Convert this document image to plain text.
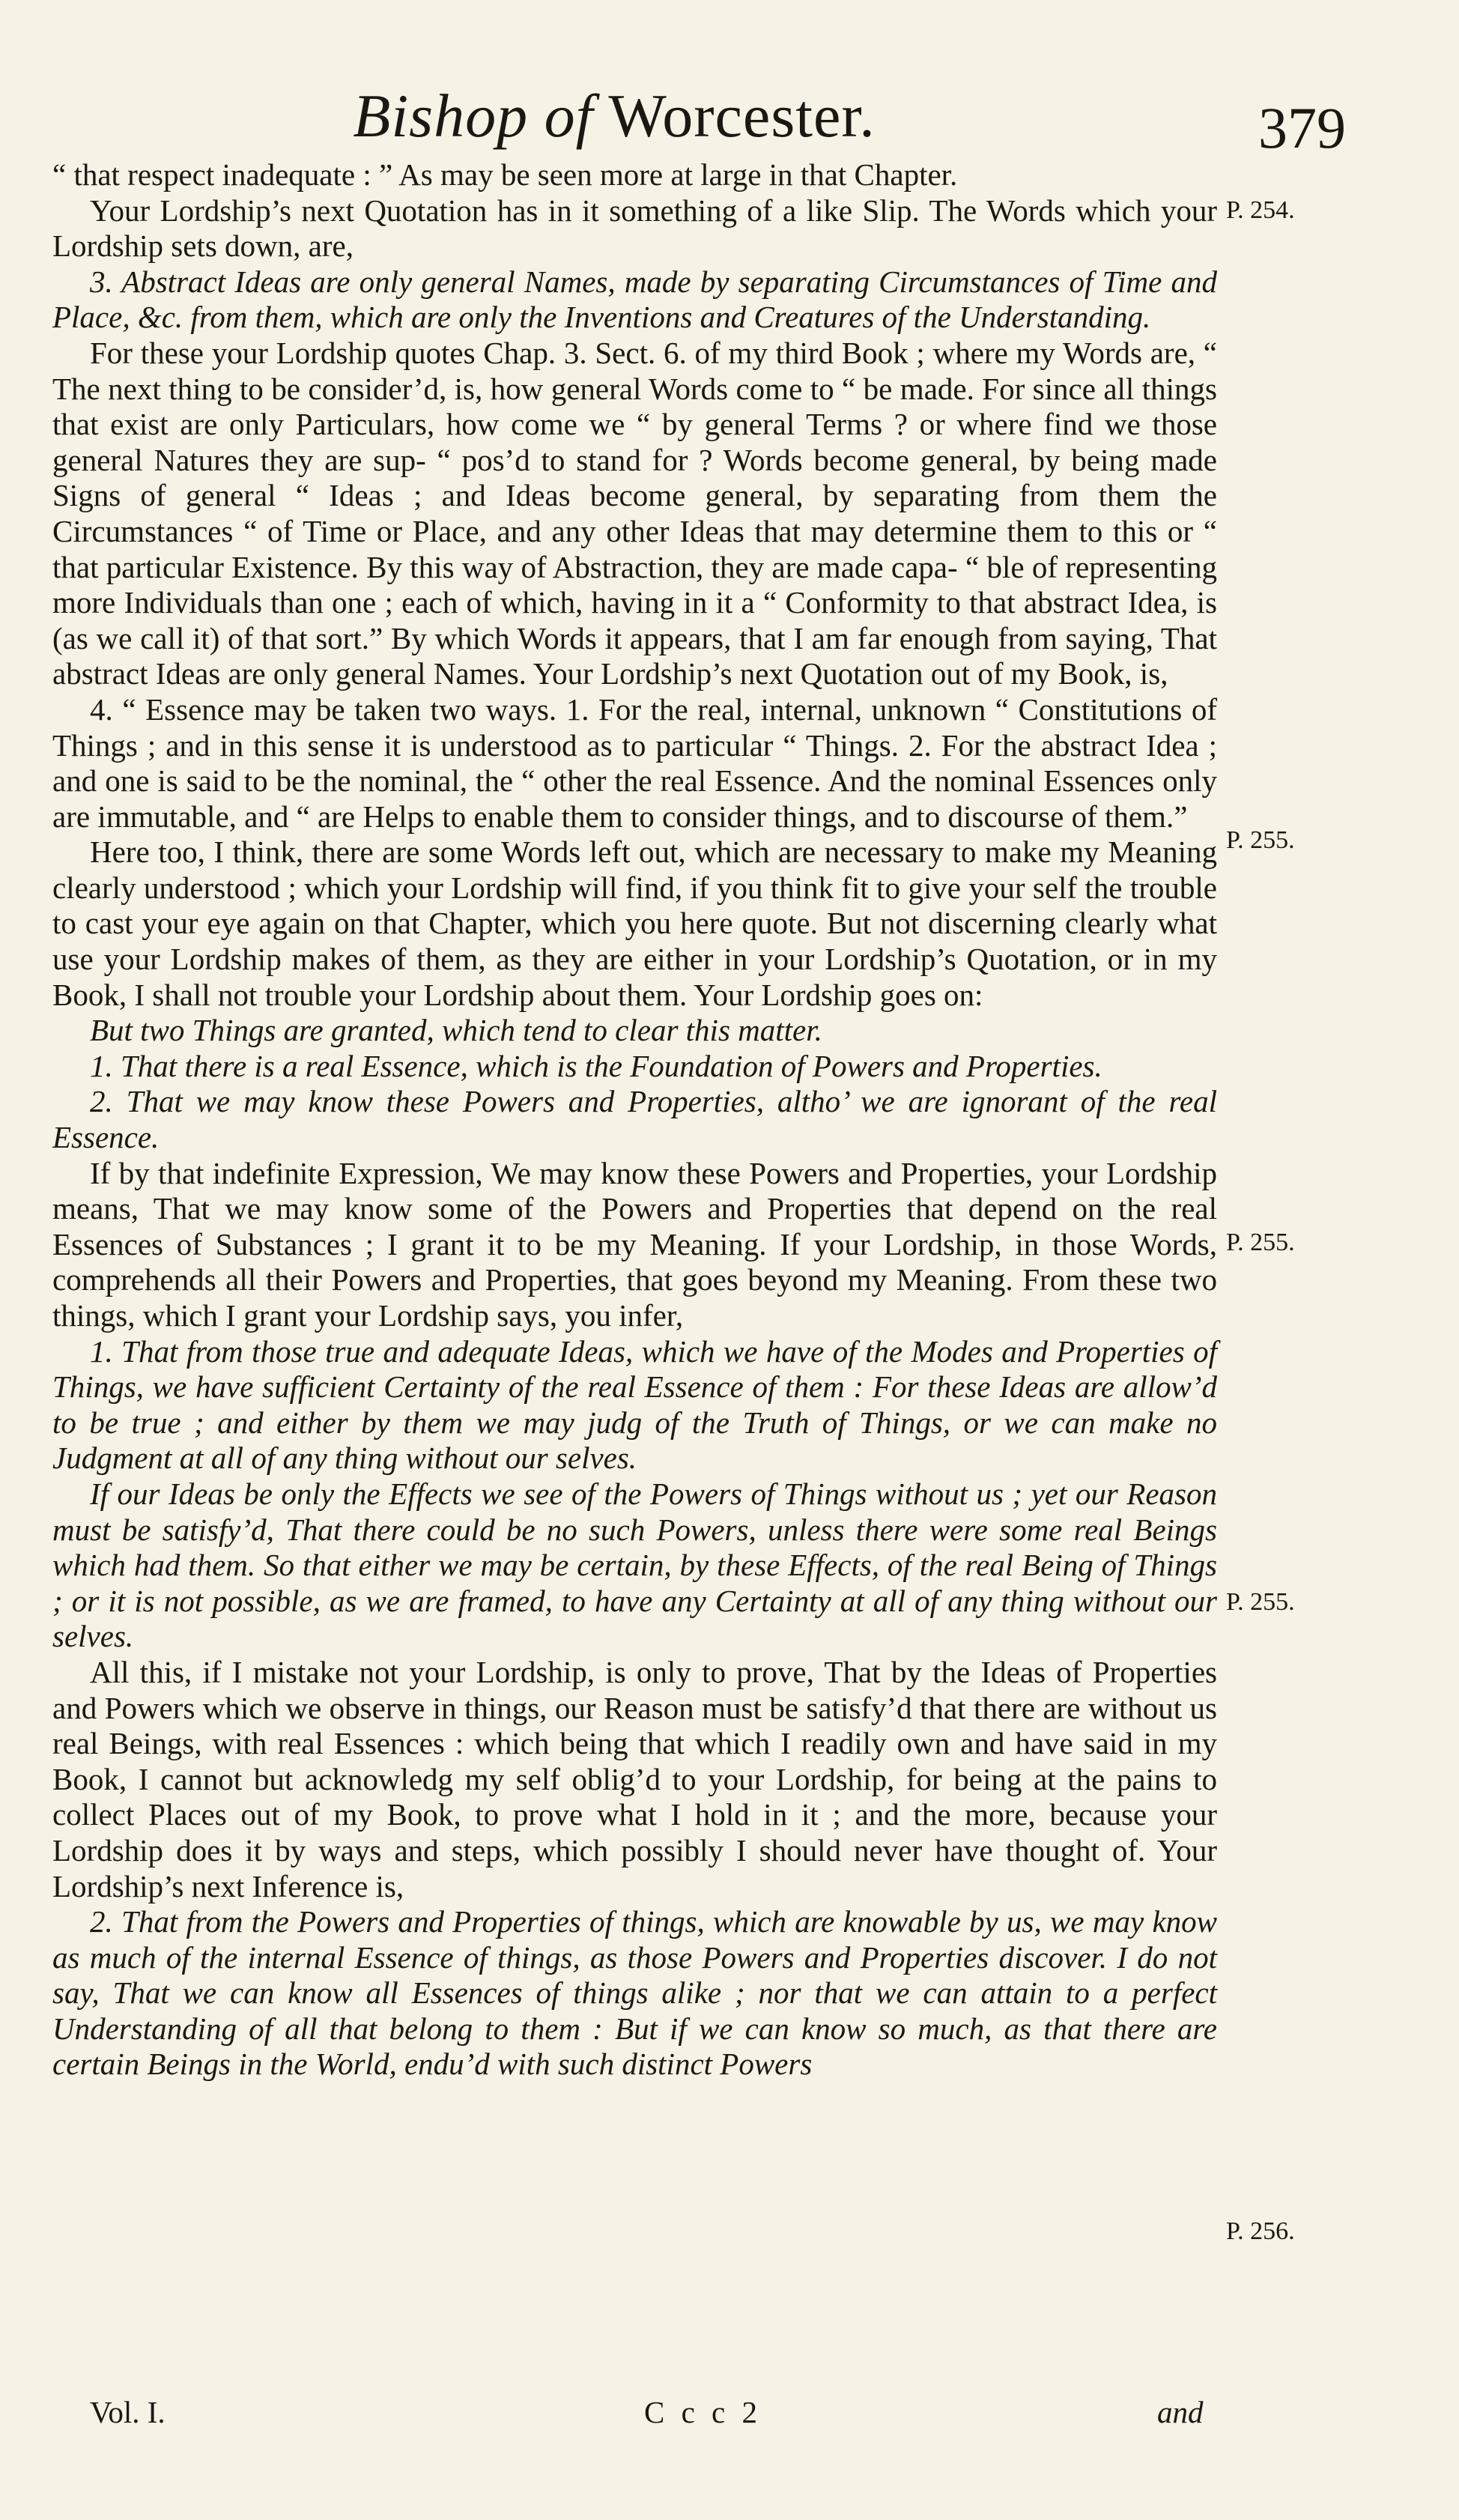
Bishop of Worcester.	379

“ that respect inadequate : ” As may be seen more at large in that Chapter.

Your Lordship’s next Quotation has in it something of a like Slip. The Words which your Lordship sets down, are,

3. Abstract Ideas are only general Names, made by separating Circumstances of Time and Place, &c. from them, which are only the Inventions and Creatures of the Understanding.

For these your Lordship quotes Chap. 3. Sect. 6. of my third Book ; where my Words are, “ The next thing to be consider’d, is, how general Words come to “ be made. For since all things that exist are only Particulars, how come we “ by general Terms ? or where find we those general Natures they are sup- “ pos’d to stand for ? Words become general, by being made Signs of general “ Ideas ; and Ideas become general, by separating from them the Circumstances “ of Time or Place, and any other Ideas that may determine them to this or “ that particular Existence. By this way of Abstraction, they are made capa- “ ble of representing more Individuals than one ; each of which, having in it a “ Conformity to that abstract Idea, is (as we call it) of that sort.” By which Words it appears, that I am far enough from saying, That abstract Ideas are only general Names. Your Lordship’s next Quotation out of my Book, is,

4. “ Essence may be taken two ways. 1. For the real, internal, unknown “ Constitutions of Things ; and in this sense it is understood as to particular “ Things. 2. For the abstract Idea ; and one is said to be the nominal, the “ other the real Essence. And the nominal Essences only are immutable, and “ are Helps to enable them to consider things, and to discourse of them.”

Here too, I think, there are some Words left out, which are necessary to make my Meaning clearly understood ; which your Lordship will find, if you think fit to give your self the trouble to cast your eye again on that Chapter, which you here quote. But not discerning clearly what use your Lordship makes of them, as they are either in your Lordship’s Quotation, or in my Book, I shall not trouble your Lordship about them. Your Lordship goes on:

But two Things are granted, which tend to clear this matter.

1. That there is a real Essence, which is the Foundation of Powers and Properties.

2. That we may know these Powers and Properties, altho’ we are ignorant of the real Essence.

If by that indefinite Expression, We may know these Powers and Properties, your Lordship means, That we may know some of the Powers and Properties that depend on the real Essences of Substances ; I grant it to be my Meaning. If your Lordship, in those Words, comprehends all their Powers and Properties, that goes beyond my Meaning. From these two things, which I grant your Lordship says, you infer,

1. That from those true and adequate Ideas, which we have of the Modes and Properties of Things, we have sufficient Certainty of the real Essence of them : For these Ideas are allow’d to be true ; and either by them we may judg of the Truth of Things, or we can make no Judgment at all of any thing without our selves.

If our Ideas be only the Effects we see of the Powers of Things without us ; yet our Reason must be satisfy’d, That there could be no such Powers, unless there were some real Beings which had them. So that either we may be certain, by these Effects, of the real Being of Things ; or it is not possible, as we are framed, to have any Certainty at all of any thing without our selves.

All this, if I mistake not your Lordship, is only to prove, That by the Ideas of Properties and Powers which we observe in things, our Reason must be satisfy’d that there are without us real Beings, with real Essences : which being that which I readily own and have said in my Book, I cannot but acknowledg my self oblig’d to your Lordship, for being at the pains to collect Places out of my Book, to prove what I hold in it ; and the more, because your Lordship does it by ways and steps, which possibly I should never have thought of. Your Lordship’s next Inference is,

2. That from the Powers and Properties of things, which are knowable by us, we may know as much of the internal Essence of things, as those Powers and Properties discover. I do not say, That we can know all Essences of things alike ; nor that we can attain to a perfect Understanding of all that belong to them : But if we can know so much, as that there are certain Beings in the World, endu’d with such distinct Powers

P. 254.
P. 255.
P. 255.
P. 255.
P. 256.
Vol. I.	C c c 2	and
